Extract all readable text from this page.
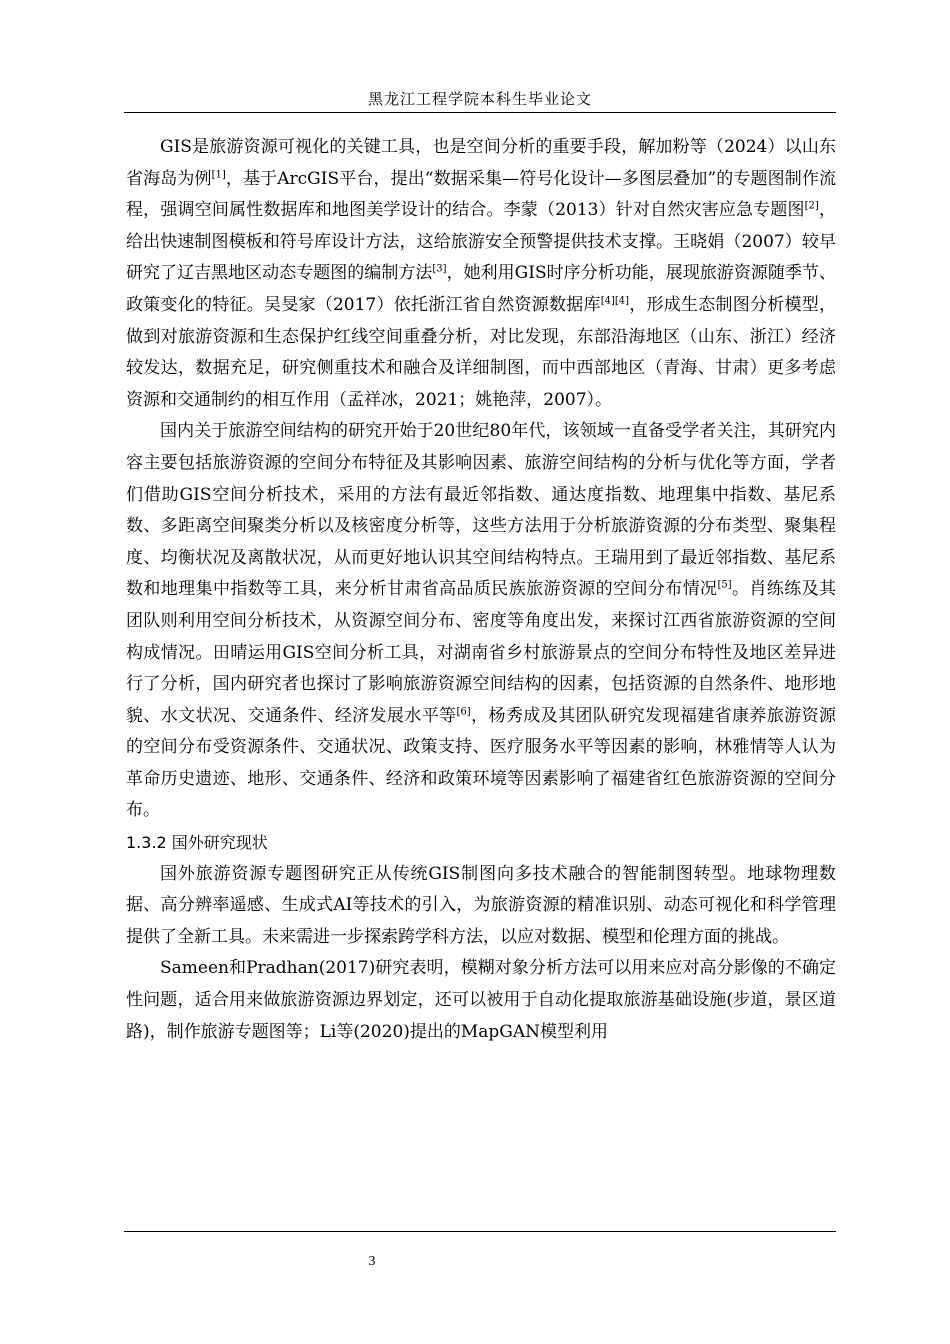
黑龙江工程学院本科生毕业论文

GIS是旅游资源可视化的关键工具，也是空间分析的重要手段，解加粉等（2024）以山东省海岛为例[1]，基于ArcGIS平台，提出“数据采集—符号化设计—多图层叠加”的专题图制作流程，强调空间属性数据库和地图美学设计的结合。李蒙（2013）针对自然灾害应急专题图[2]，给出快速制图模板和符号库设计方法，这给旅游安全预警提供技术支撑。王晓娟（2007）较早研究了辽吉黑地区动态专题图的编制方法[3]，她利用GIS时序分析功能，展现旅游资源随季节、政策变化的特征。吴旻家（2017）依托浙江省自然资源数据库[4][4]，形成生态制图分析模型，做到对旅游资源和生态保护红线空间重叠分析，对比发现，东部沿海地区（山东、浙江）经济较发达，数据充足，研究侧重技术和融合及详细制图，而中西部地区（青海、甘肃）更多考虑资源和交通制约的相互作用（孟祥冰，2021；姚艳萍，2007）。

国内关于旅游空间结构的研究开始于20世纪80年代，该领域一直备受学者关注，其研究内容主要包括旅游资源的空间分布特征及其影响因素、旅游空间结构的分析与优化等方面，学者们借助GIS空间分析技术，采用的方法有最近邻指数、通达度指数、地理集中指数、基尼系数、多距离空间聚类分析以及核密度分析等，这些方法用于分析旅游资源的分布类型、聚集程度、均衡状况及离散状况，从而更好地认识其空间结构特点。王瑞用到了最近邻指数、基尼系数和地理集中指数等工具，来分析甘肃省高品质民族旅游资源的空间分布情况[5]。肖练练及其团队则利用空间分析技术，从资源空间分布、密度等角度出发，来探讨江西省旅游资源的空间构成情况。田晴运用GIS空间分析工具，对湖南省乡村旅游景点的空间分布特性及地区差异进行了分析，国内研究者也探讨了影响旅游资源空间结构的因素，包括资源的自然条件、地形地貌、水文状况、交通条件、经济发展水平等[6]，杨秀成及其团队研究发现福建省康养旅游资源的空间分布受资源条件、交通状况、政策支持、医疗服务水平等因素的影响，林雅情等人认为革命历史遗迹、地形、交通条件、经济和政策环境等因素影响了福建省红色旅游资源的空间分布。

1.3.2 国外研究现状

国外旅游资源专题图研究正从传统GIS制图向多技术融合的智能制图转型。地球物理数据、高分辨率遥感、生成式AI等技术的引入，为旅游资源的精准识别、动态可视化和科学管理提供了全新工具。未来需进一步探索跨学科方法，以应对数据、模型和伦理方面的挑战。

Sameen和Pradhan(2017)研究表明，模糊对象分析方法可以用来应对高分影像的不确定性问题，适合用来做旅游资源边界划定，还可以被用于自动化提取旅游基础设施(步道，景区道路)，制作旅游专题图等；Li等(2020)提出的MapGAN模型利用

3
